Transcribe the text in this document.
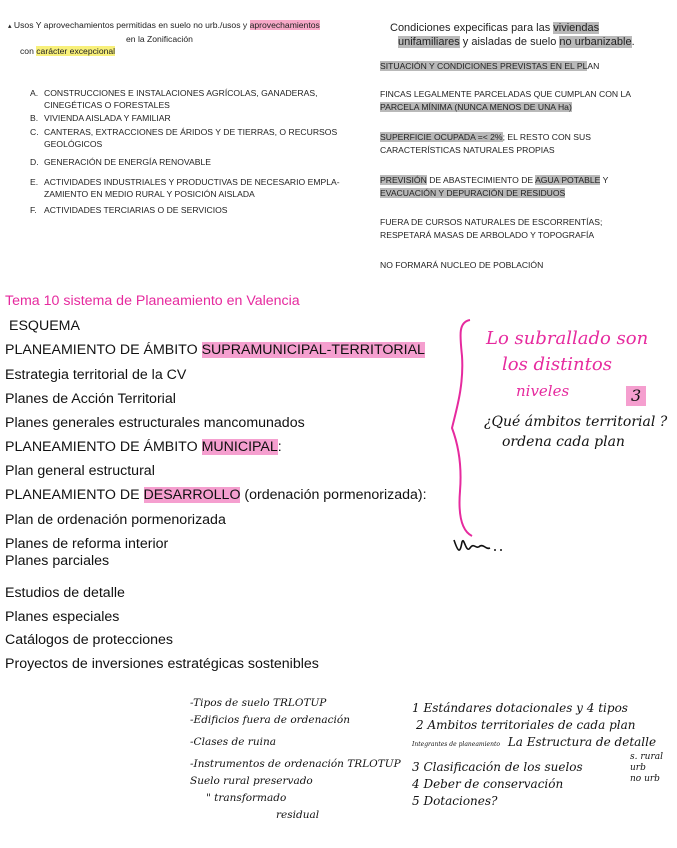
▴ Usos Y aprovechamientos permitidas en suelo no urb./usos y aprovechamientos
en la Zonificación
con carácter excepcional
A. CONSTRUCCIONES E INSTALACIONES AGRÍCOLAS, GANADERAS, CINEGÉTICAS O FORESTALES
B. VIVIENDA AISLADA Y FAMILIAR
C. CANTERAS, EXTRACCIONES DE ÁRIDOS Y DE TIERRAS, O RECURSOS GEOLÓGICOS
D. GENERACIÓN DE ENERGÍA RENOVABLE
E. ACTIVIDADES INDUSTRIALES Y PRODUCTIVAS DE NECESARIO EMPLA- ZAMIENTO EN MEDIO RURAL Y POSICIÓN AISLADA
F. ACTIVIDADES TERCIARIAS O DE SERVICIOS
Condiciones expecificas para las viviendas
unifamiliares y aisladas de suelo no urbanizable.
SITUACIÓN Y CONDICIONES PREVISTAS EN EL PLAN
FINCAS LEGALMENTE PARCELADAS QUE CUMPLAN CON LA
PARCELA MÍNIMA (NUNCA MENOS DE UNA Ha)
SUPERFICIE OCUPADA =< 2%; EL RESTO CON SUS
CARACTERÍSTICAS NATURALES PROPIAS
PREVISIÓN DE ABASTECIMIENTO DE AGUA POTABLE Y
EVACUACIÓN Y DEPURACIÓN DE RESIDUOS
FUERA DE CURSOS NATURALES DE ESCORRENTÍAS;
RESPETARÁ MASAS DE ARBOLADO Y TOPOGRAFÍA
NO FORMARÁ NUCLEO DE POBLACIÓN
Tema 10 sistema de Planeamiento en Valencia
ESQUEMA
PLANEAMIENTO DE ÁMBITO SUPRAMUNICIPAL-TERRITORIAL
Estrategia territorial de la CV
Planes de Acción Territorial
Planes generales estructurales mancomunados
PLANEAMIENTO DE ÁMBITO MUNICIPAL:
Plan general estructural
PLANEAMIENTO DE DESARROLLO (ordenación pormenorizada):
Plan de ordenación pormenorizada
Planes de reforma interior
Planes parciales
Estudios de detalle
Planes especiales
Catálogos de protecciones
Proyectos de inversiones estratégicas sostenibles
Lo subrallado son
los distintos
niveles	3
¿Qué ámbitos territorial ?
ordena cada plan
-Tipos de suelo TRLOTUP
-Edificios fuera de ordenación
-Clases de ruina
-Instrumentos de ordenación TRLOTUP
Suelo rural preservado
" transformado
residual
1 Estándares dotacionales y 4 tipos
2 Ambitos territoriales de cada plan
Integrantes de planeamiento La Estructura de detalle
3 Clasificación de los suelos
4 Deber de conservación
5 Dotaciones?
s. rural
urb
no urb
